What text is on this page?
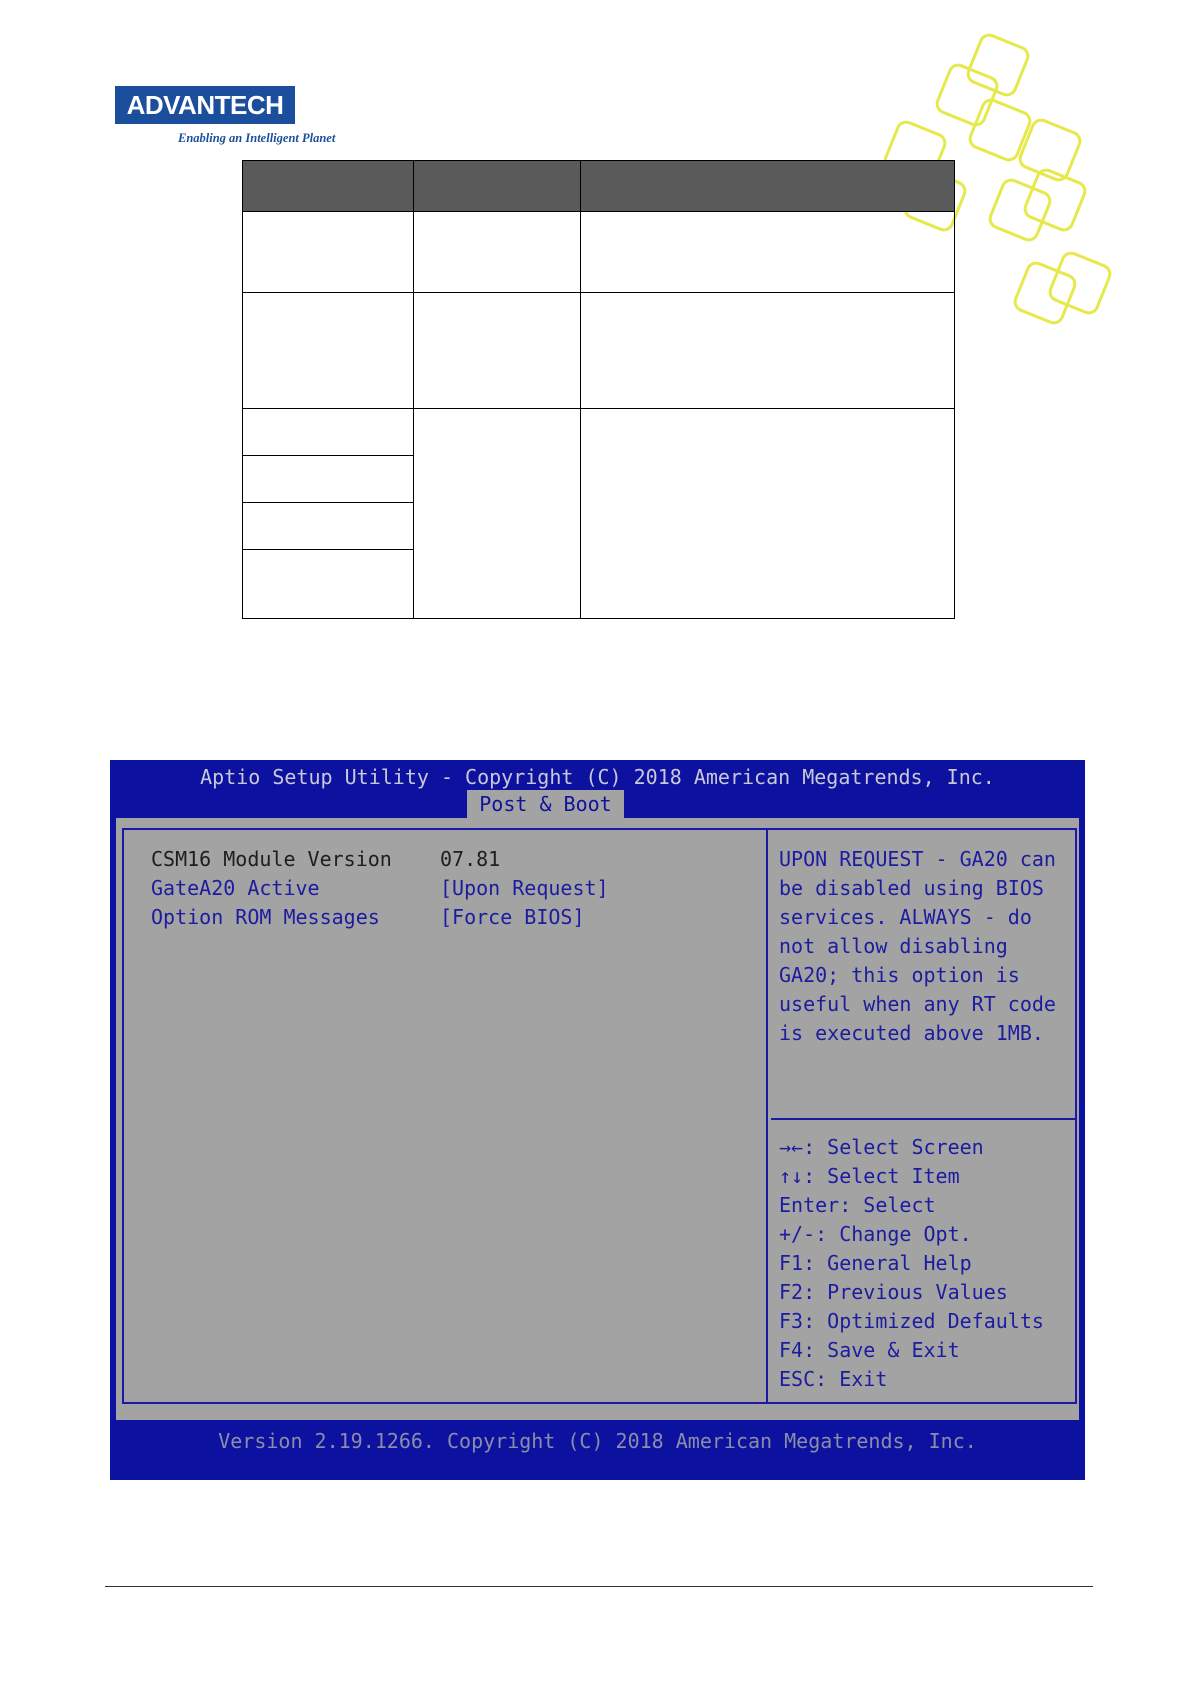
ADVANTECH
Enabling an Intelligent Planet
Aptio Setup Utility - Copyright (C) 2018 American Megatrends, Inc.
Post & Boot
CSM16 Module Version 07.81
GateA20 Active	[Upon Request]
Option ROM Messages	[Force BIOS]
UPON REQUEST - GA20 can
be disabled using BIOS
services. ALWAYS - do
not allow disabling
GA20; this option is
useful when any RT code
is executed above 1MB.
→←: Select Screen
↑↓: Select Item
Enter: Select
+/-: Change Opt.
F1: General Help
F2: Previous Values
F3: Optimized Defaults
F4: Save & Exit
ESC: Exit
Version 2.19.1266. Copyright (C) 2018 American Megatrends, Inc.
